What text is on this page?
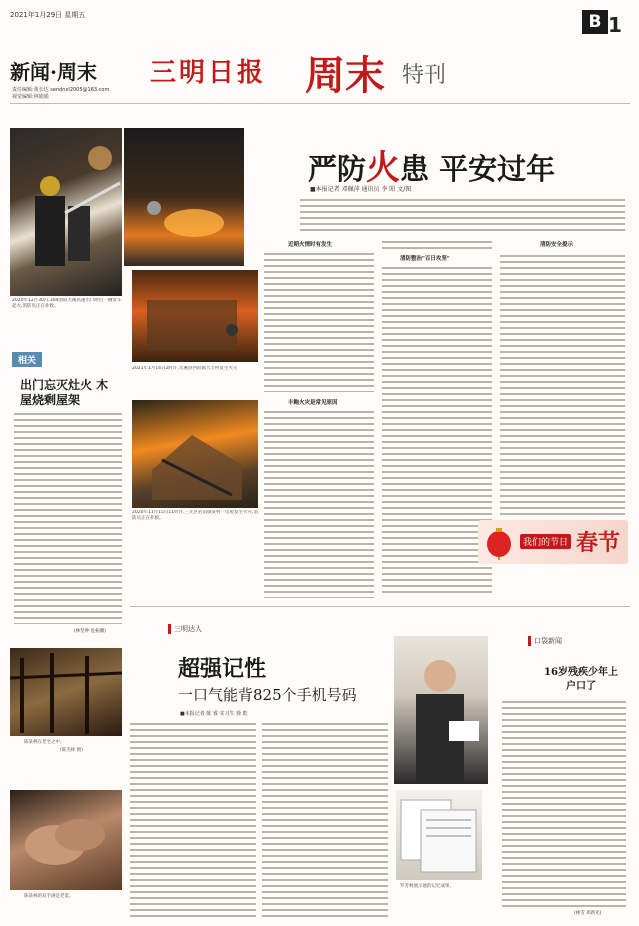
2021年1月29日 星期五	B 1
新闻·周末 三明日报 周末 特刊
责任编辑:黄长达 sendnxl2005@163.com
视觉编辑:林娟娟
2020年12月30日,304国道尤溪高速出口附近一辆货车起火,消防员正在扑救。
严防火患 平安过年
■本报记者 邓佩萍 通讯员 李 昭 文/图
2021年1月14日2时许,尤溪县西滨镇大丰村发生火灾
2020年11月15日11时许,三元区岩前镇某村一房屋发生火灾,消防员正在扑救。
相关
出门忘灭灶火 木屋烧剩屋架
(林坚钟 危振疆)
近期火情时有发生
丰鲍火灾是常见原因
清防整治"百日攻坚"
清防安全提示
我们的节日 春节
陈某林在老宅之中。
(陈杰林 摄)
陈某林的双手满是老茧。
三明达人
超强记性
一口气能背825个手机号码
■本报记者 陈 睿 实习生 徐 乾
罗芳林展示他的记忆成果。
口袋新闻
16岁残疾少年上户口了
(林雪 邓新光)
